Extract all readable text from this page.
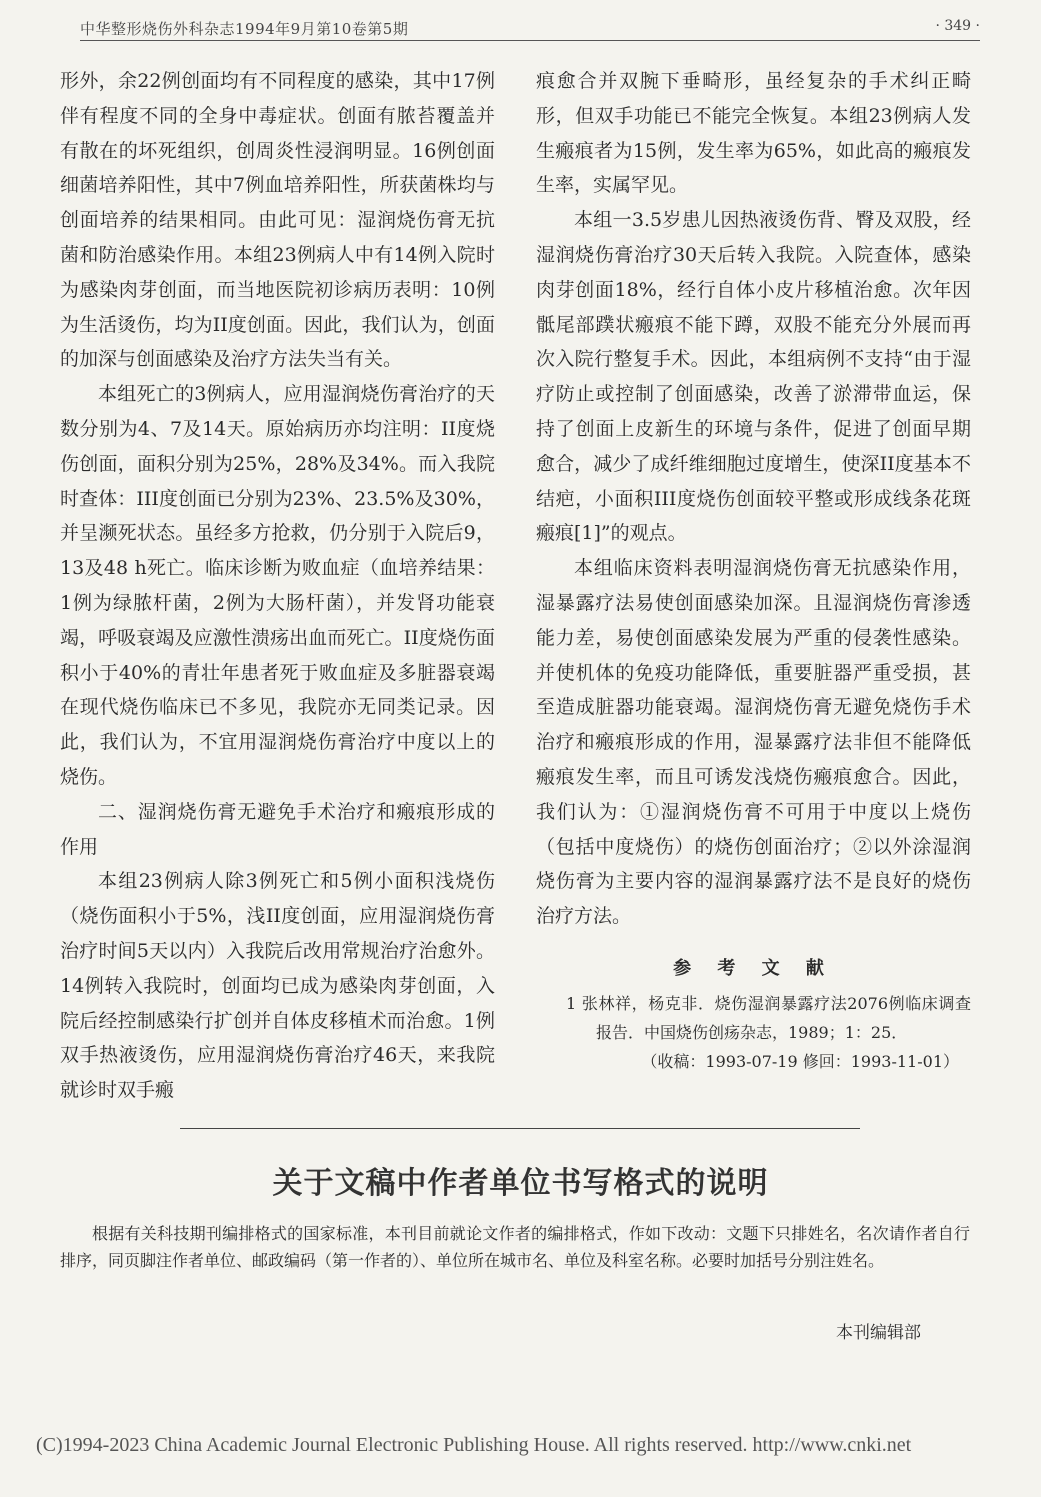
中华整形烧伤外科杂志1994年9月第10卷第5期	· 349 ·

形外，余22例创面均有不同程度的感染，其中17例伴有程度不同的全身中毒症状。创面有脓苔覆盖并有散在的坏死组织，创周炎性浸润明显。16例创面细菌培养阳性，其中7例血培养阳性，所获菌株均与创面培养的结果相同。由此可见：湿润烧伤膏无抗菌和防治感染作用。本组23例病人中有14例入院时为感染肉芽创面，而当地医院初诊病历表明：10例为生活烫伤，均为II度创面。因此，我们认为，创面的加深与创面感染及治疗方法失当有关。

本组死亡的3例病人，应用湿润烧伤膏治疗的天数分别为4、7及14天。原始病历亦均注明：II度烧伤创面，面积分别为25%，28%及34%。而入我院时查体：III度创面已分别为23%、23.5%及30%，并呈濒死状态。虽经多方抢救，仍分别于入院后9，13及48 h死亡。临床诊断为败血症（血培养结果：1例为绿脓杆菌，2例为大肠杆菌），并发肾功能衰竭，呼吸衰竭及应激性溃疡出血而死亡。II度烧伤面积小于40%的青壮年患者死于败血症及多脏器衰竭在现代烧伤临床已不多见，我院亦无同类记录。因此，我们认为，不宜用湿润烧伤膏治疗中度以上的烧伤。

二、湿润烧伤膏无避免手术治疗和瘢痕形成的作用

本组23例病人除3例死亡和5例小面积浅烧伤（烧伤面积小于5%，浅II度创面，应用湿润烧伤膏治疗时间5天以内）入我院后改用常规治疗治愈外。14例转入我院时，创面均已成为感染肉芽创面，入院后经控制感染行扩创并自体皮移植术而治愈。1例双手热液烫伤，应用湿润烧伤膏治疗46天，来我院就诊时双手瘢

痕愈合并双腕下垂畸形，虽经复杂的手术纠正畸形，但双手功能已不能完全恢复。本组23例病人发生瘢痕者为15例，发生率为65%，如此高的瘢痕发生率，实属罕见。

本组一3.5岁患儿因热液烫伤背、臀及双股，经湿润烧伤膏治疗30天后转入我院。入院查体，感染肉芽创面18%，经行自体小皮片移植治愈。次年因骶尾部蹼状瘢痕不能下蹲，双股不能充分外展而再次入院行整复手术。因此，本组病例不支持“由于湿疗防止或控制了创面感染，改善了淤滞带血运，保持了创面上皮新生的环境与条件，促进了创面早期愈合，减少了成纤维细胞过度增生，使深II度基本不结疤，小面积III度烧伤创面较平整或形成线条花斑瘢痕[1]”的观点。

本组临床资料表明湿润烧伤膏无抗感染作用，湿暴露疗法易使创面感染加深。且湿润烧伤膏渗透能力差，易使创面感染发展为严重的侵袭性感染。并使机体的免疫功能降低，重要脏器严重受损，甚至造成脏器功能衰竭。湿润烧伤膏无避免烧伤手术治疗和瘢痕形成的作用，湿暴露疗法非但不能降低瘢痕发生率，而且可诱发浅烧伤瘢痕愈合。因此，我们认为：①湿润烧伤膏不可用于中度以上烧伤（包括中度烧伤）的烧伤创面治疗；②以外涂湿润烧伤膏为主要内容的湿润暴露疗法不是良好的烧伤治疗方法。

参 考 文 献

1 张林祥，杨克非．烧伤湿润暴露疗法2076例临床调查报告．中国烧伤创疡杂志，1989；1：25．

（收稿：1993-07-19 修回：1993-11-01）

关于文稿中作者单位书写格式的说明
根据有关科技期刊编排格式的国家标准，本刊目前就论文作者的编排格式，作如下改动：文题下只排姓名，名次请作者自行排序，同页脚注作者单位、邮政编码（第一作者的）、单位所在城市名、单位及科室名称。必要时加括号分别注姓名。
本刊编辑部
(C)1994-2023 China Academic Journal Electronic Publishing House. All rights reserved. http://www.cnki.net
